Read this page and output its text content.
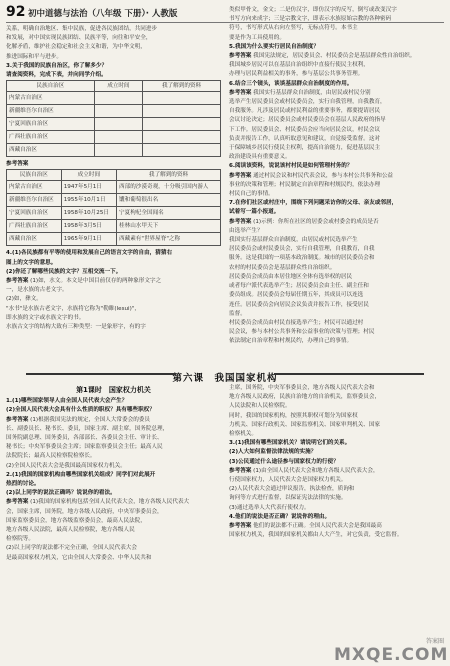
92 初中道德与法治（八年级 下册）· 人教版

关系，明确自治地区、集中民族，促进各民族团结，共同进步

和发展，对中国实现民族团结、民族平等，向往和平安全，

化解矛盾，维护社会稳定和社会主义和谐，为中华文明，

推进国际和平与进步。

3.关于我国的民族自治区，你了解多少？

请查阅资料，完成下表，并向同学介绍。

民族自治区	成立时间	我了解到的资料
内蒙古自治区		
新疆维吾尔自治区		
宁夏回族自治区		
广西壮族自治区		
西藏自治区		

参考答案

民族自治区	成立时间	我了解到的资料
内蒙古自治区	1947年5月1日	西部的沙漠奇观，十分吸引国内游人
新疆维吾尔自治区	1955年10月1日	馕和葡萄很出名
宁夏回族自治区	1958年10月25日	宁夏枸杞全国闻名
广西壮族自治区	1958年3月5日	桂林山水甲天下
西藏自治区	1965年9月1日	西藏素有"世界屋脊"之称

4.(1)各民族都有平等的使用和发展自己的语言文字的自由，猜猜右

图上的文字的意思。

(2)你还了解哪些民族的文字？互相交流一下。

参考答案 (1)如，水文。本文是中国目前仅存的两种象形文字之

一，是水族的古老文字。

(2)如，彝文。

"水书"是水族古老文字，水族将它称为"勒睢(lesui)"，

即水族的文字或水族文字的书。

水族古文字的结构大致有三种类型：一是象形字，有的字

类似甲骨文，金文；二是仿汉字，即仿汉字的反写，倒写或改变汉字

书写方向来成字；三是宗教文字，即表示水族原始宗教的各种密码

符号，书写形式从右向左竖写，无标点符号。本书主

要是作为工具使用的。

5.我国为什么要实行居民自治制度？

参考答案 我国宪法规定，居民委员会、村民委员会是基层群众性自治组织。

我国城乡居民可以在基层自治组织中直接行使民主权利，

办理与居民利益相关的事务，参与基层公共事务管理。

6.结合三个镜头，谈谈基层群众自治制度的作用。

参考答案 我国实行基层群众自治制度，由居民或村民分别

选举产生居民委员会或村民委员会，实行自我管理，自我教育，

自我服务。凡涉及居民或村民利益的重要事务，都要提请居民

会议讨论决定；居民委员会或村民委员会在基层人民政府的指导

下工作。居民委员会、村民委员会应当向居民会议，村民会议

负责并报告工作，认真听取意见和建议，自觉接受监督。这对

于保障城乡居民行使民主权利，提高自治能力，促进基层民主

政治建设具有重要意义。

6.阅读该资料，说说该村村民是如何管理村务的？

参考答案 通过村民会议和村民代表会议，参与本村公共事务和公益

事业的决策和管理；村民制定自治章程和村规民约，依法办理

村民自己的事情。

7.在你们社区或村庄中，围绕下列问题采访你的父母、亲友或邻居，

试着写一篇小报道。

参考答案 (1)示例：你所在社区的居委会或村委会的成员是否

由选举产生？

我国实行基层群众自治制度，由居民或村民选举产生

居民委员会或村民委员会，实行自我管理，自我教育，自我

服务。这是我国的一项基本政治制度。城市的居民委员会和

农村的村民委员会是基层群众性自治组织。

居民委员会成员由本居住地区全体有选举权的居民

或者每户派代表选举产生；居民委员会由主任、副主任和

委员组成。居民委员会每届任期五年，其成员可以连选

连任。居民委员会向居民会议负责并报告工作，接受居民

监督。

村民委员会成员由村民直接选举产生；村民可以通过村

民会议，参与本村公共事务和公益事业的决策与管理；村民

依法制定自治章程和村规民约，办理自己的事情。

第六课　我国国家机构
第1课时　国家权力机关

1.(1)哪些国家领导人由全国人民代表大会产生？

(2)全国人民代表大会具有什么性质的职权？具有哪些职权？

参考答案 (1)根据我国宪法的规定，全国人大常委会的委员

长、副委员长、秘书长、委员，国家主席、副主席，国务院总理，

国务院副总理、国务委员，各部部长、各委员会主任、审计长、

秘书长；中央军事委员会主席；国家监察委员会主任；最高人民

法院院长；最高人民检察院检察长。

(2)全国人民代表大会是我国最高国家权力机关。

2.(1)我国的国家机构由哪些国家机关组成？同学们对此展开

热烈的讨论。

(2)以上同学的说法正确吗？说说你的看法。

参考答案 (1)我国的国家机构包括全国人民代表大会，地方各级人民代表大

会，国家主席，国务院，地方各级人民政府，中央军事委员会，

国家监察委员会，地方各级监察委员会，最高人民法院，

地方各级人民法院，最高人民检察院，地方各级人民

检察院等。

(2)以上同学的说法都不完全正确，全国人民代表大会

是最高国家权力机关，它由全国人大常委会、中华人民共和

主席，国务院，中央军事委员会，地方各级人民代表大会和

地方各级人民政府，民族自治地方的自治机关，监察委员会，

人民法院和人民检察院。

同时，我国的国家机构，按照其职权可划分为国家权

力机关、国家行政机关、国家监察机关、国家审判机关、国家

检察机关。

3.(1)我国有哪些国家机关？请说明它们的关系。

(2)人大如何监督法律法规的实施？

(3)公民通过什么途径参与国家权力的行使？

参考答案 (1)由全国人民代表大会和地方各级人民代表大会，

行使国家权力，人民代表大会是国家权力机关。

(2)人民代表大会通过审议报告，执法检查，质询和

询问等方式进行监督，以保证宪法法律的实施。

(3)通过选举人大代表行使权力。

4.他们的说法是否正确？说说你的理由。

参考答案 他们的说法都不正确。全国人民代表大会是我国最高

国家权力机关，我国的国家机关都由人大产生，对它负责，受它监督。

答案圈
MXQE.COM
